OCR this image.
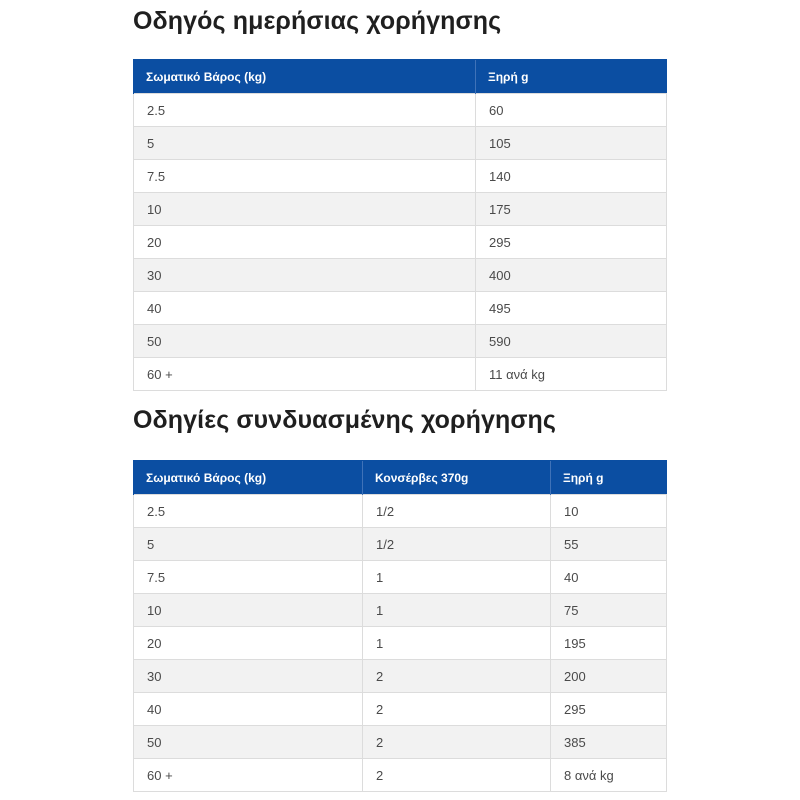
Οδηγός ημερήσιας χορήγησης
Σωματικό Βάρος (kg)	Ξηρή g
2.5	60
5	105
7.5	140
10	175
20	295
30	400
40	495
50	590
60 +	11 ανά kg
Οδηγίες συνδυασμένης χορήγησης
Σωματικό Βάρος (kg)	Κονσέρβες 370g	Ξηρή g
2.5	1/2	10
5	1/2	55
7.5	1	40
10	1	75
20	1	195
30	2	200
40	2	295
50	2	385
60 +	2	8 ανά kg
